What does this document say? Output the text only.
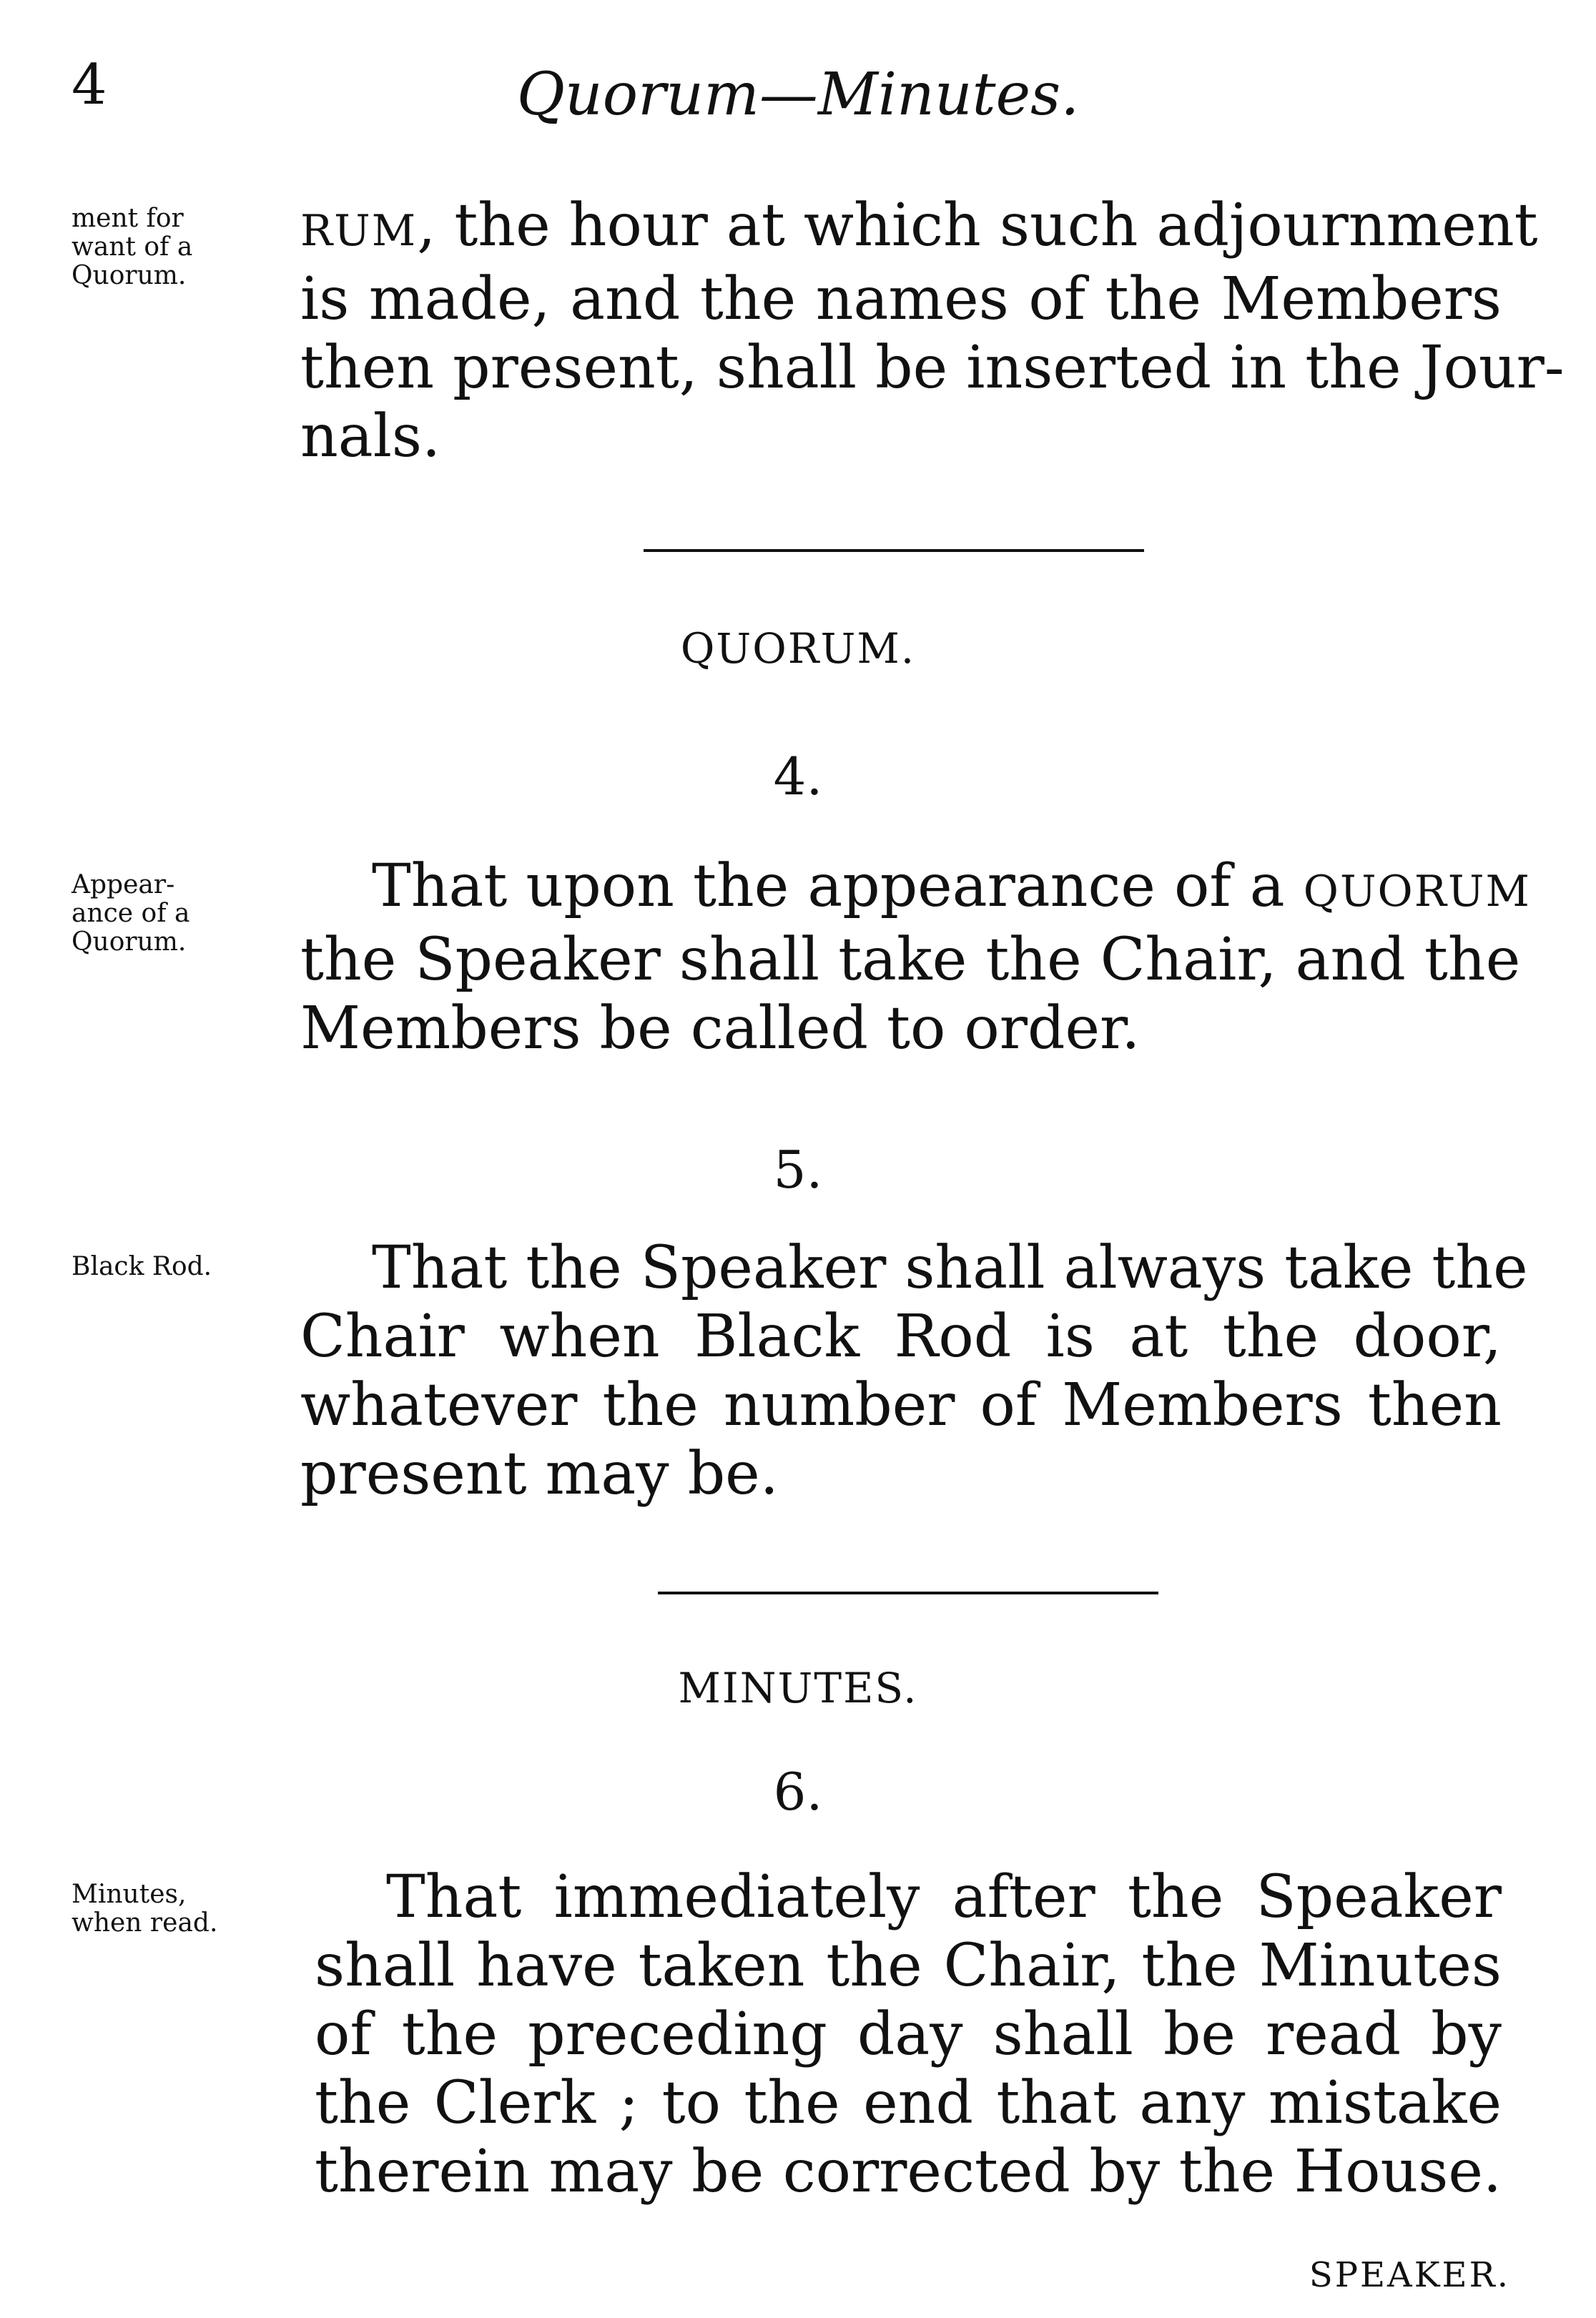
4	Quorum—Minutes.
ment for
want of a
Quorum.
RUM, the hour at which such adjournment
is made, and the names of the Members
then present, shall be inserted in the Jour-
nals.
QUORUM.
4.
Appear-
ance of a
Quorum.
That upon the appearance of a QUORUM
the Speaker shall take the Chair, and the
Members be called to order.
5.
Black Rod.	That the Speaker shall always take the
Chair when Black Rod is at the door,
whatever the number of Members then
present may be.
MINUTES.
6.
Minutes,
when read.	That immediately after the Speaker
shall have taken the Chair, the Minutes
of the preceding day shall be read by
the Clerk ; to the end that any mistake
therein may be corrected by the House.
SPEAKER.
